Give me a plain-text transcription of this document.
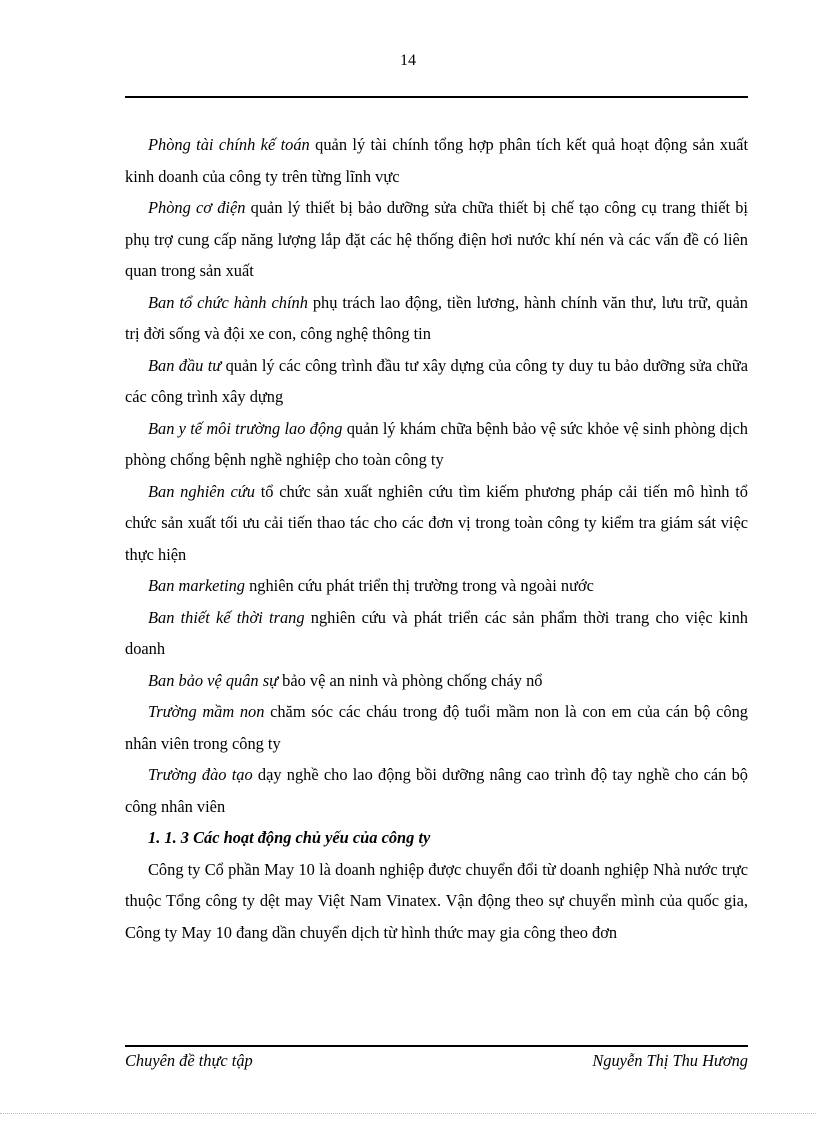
14

Phòng tài chính kế toán quản lý tài chính tổng hợp phân tích kết quả hoạt động sản xuất kinh doanh của công ty trên từng lĩnh vực

Phòng cơ điện quản lý thiết bị bảo dưỡng sửa chữa thiết bị chế tạo công cụ trang thiết bị phụ trợ cung cấp năng lượng lắp đặt các hệ thống điện hơi nước khí nén và các vấn đề có liên quan trong sản xuất

Ban tổ chức hành chính phụ trách lao động, tiền lương, hành chính văn thư, lưu trữ, quản trị đời sống và đội xe con, công nghệ thông tin

Ban đầu tư quản lý các công trình đầu tư xây dựng của công ty duy tu bảo dưỡng sửa chữa các công trình xây dựng

Ban y tế môi trường lao động quản lý khám chữa bệnh bảo vệ sức khỏe vệ sinh phòng dịch phòng chống bệnh nghề nghiệp cho toàn công ty

Ban nghiên cứu tổ chức sản xuất nghiên cứu tìm kiếm phương pháp cải tiến mô hình tổ chức sản xuất tối ưu cải tiến thao tác cho các đơn vị trong toàn công ty kiểm tra giám sát việc thực hiện

Ban marketing nghiên cứu phát triển thị trường trong và ngoài nước

Ban thiết kế thời trang nghiên cứu và phát triển các sản phẩm thời trang cho việc kinh doanh

Ban bảo vệ quân sự bảo vệ an ninh và phòng chống cháy nổ

Trường mầm non chăm sóc các cháu trong độ tuổi mầm non là con em của cán bộ công nhân viên trong công ty

Trường đào tạo dạy nghề cho lao động bồi dưỡng nâng cao trình độ tay nghề cho cán bộ công nhân viên

1. 1. 3 Các hoạt động chủ yếu của công ty

Công ty Cổ phần May 10 là doanh nghiệp được chuyển đổi từ doanh nghiệp Nhà nước trực thuộc Tổng công ty dệt may Việt Nam Vinatex. Vận động theo sự chuyển mình của quốc gia, Công ty May 10 đang dần chuyển dịch từ hình thức may gia công theo đơn

Chuyên đề thực tập	Nguyễn Thị Thu Hương
